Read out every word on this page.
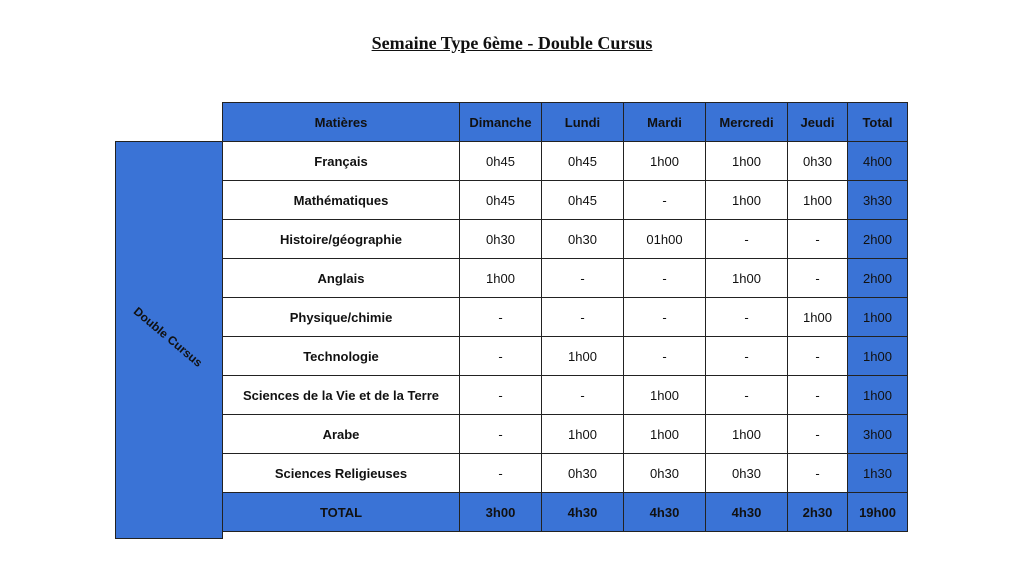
Semaine Type 6ème - Double Cursus
Double Cursus
Matières	Dimanche	Lundi	Mardi	Mercredi	Jeudi	Total
Français	0h45	0h45	1h00	1h00	0h30	4h00
Mathématiques	0h45	0h45	-	1h00	1h00	3h30
Histoire/géographie	0h30	0h30	01h00	-	-	2h00
Anglais	1h00	-	-	1h00	-	2h00
Physique/chimie	-	-	-	-	1h00	1h00
Technologie	-	1h00	-	-	-	1h00
Sciences de la Vie et de la Terre	-	-	1h00	-	-	1h00
Arabe	-	1h00	1h00	1h00	-	3h00
Sciences Religieuses	-	0h30	0h30	0h30	-	1h30
TOTAL	3h00	4h30	4h30	4h30	2h30	19h00
